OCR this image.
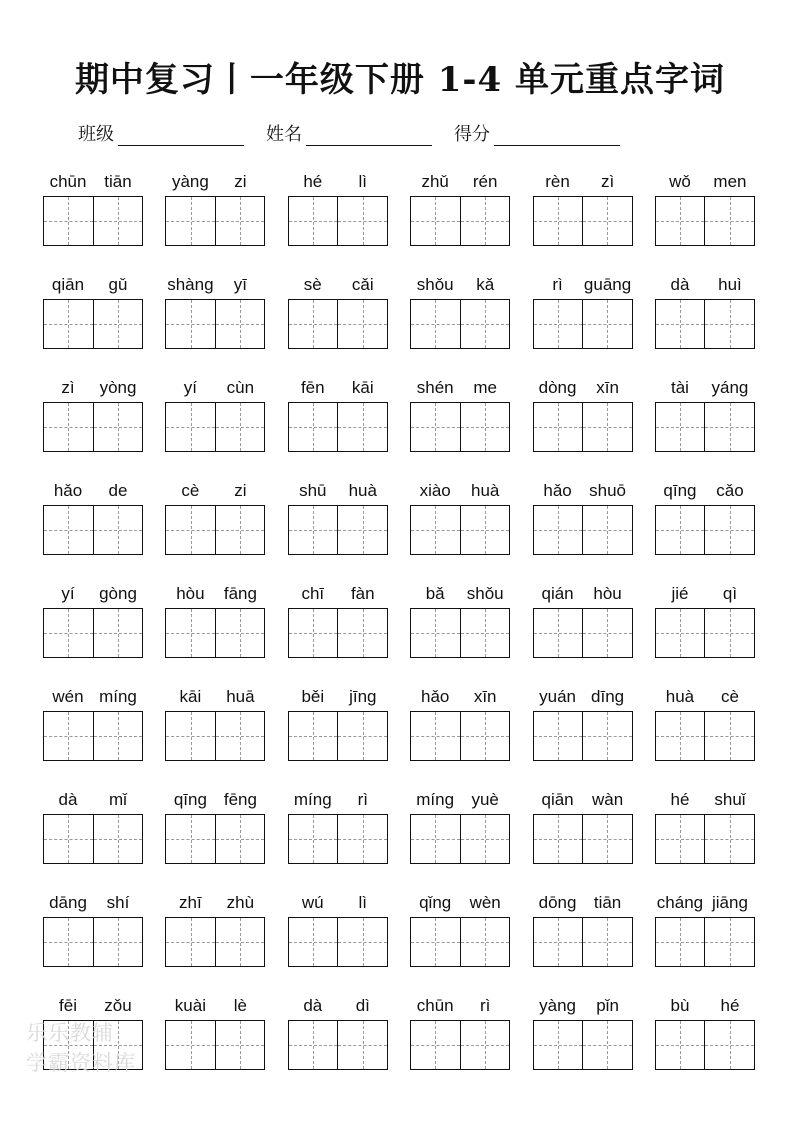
期中复习丨一年级下册 1-4 单元重点字词
班级	姓名	得分
chūn	tiān	yàng	zi	hé	lì	zhǔ	rén	rèn	zì	wǒ	men
qiān	gǔ	shàng	yī	sè	cǎi	shǒu	kǎ	rì	guāng	dà	huì
zì	yòng	yí	cùn	fēn	kāi	shén	me	dòng	xīn	tài	yáng
hǎo	de	cè	zi	shū	huà	xiào	huà	hǎo	shuō	qīng	cǎo
yí	gòng	hòu	fāng	chī	fàn	bǎ	shǒu	qián	hòu	jié	qì
wén míng	kāi	huā	běi	jīng	hǎo	xīn	yuán dīng	huà	cè
dà	mǐ	qīng fēng	míng	rì	míng	yuè	qiān	wàn	hé	shuǐ
dāng	shí	zhī	zhù	wú	lì	qǐng	wèn	dōng	tiān	cháng jiāng
fēi	zǒu	kuài	lè	dà	dì	chūn	rì	yàng	pǐn	bù	hé
乐乐教辅
学霸资料库
